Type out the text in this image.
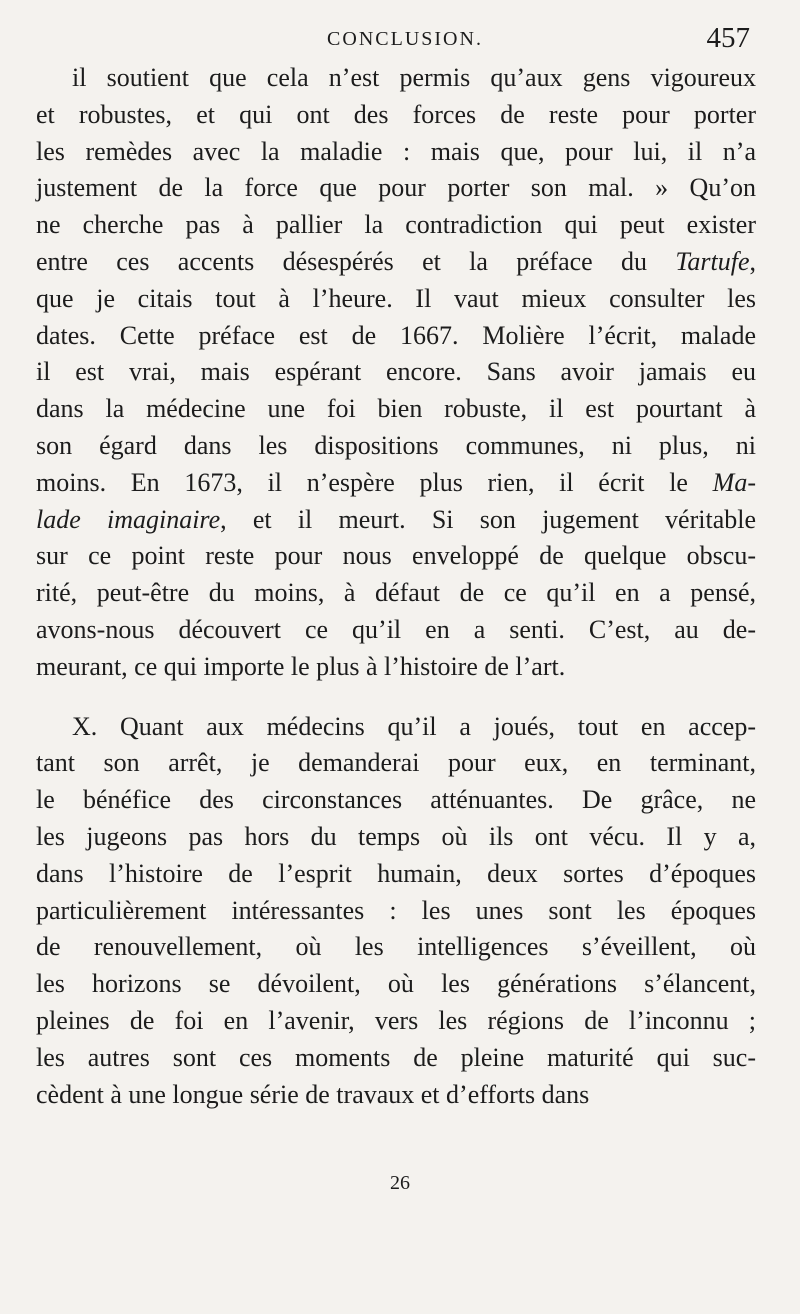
CONCLUSION.	457
il soutient que cela n’est permis qu’aux gens vigoureux
et robustes, et qui ont des forces de reste pour porter
les remèdes avec la maladie : mais que, pour lui, il n’a
justement de la force que pour porter son mal. » Qu’on
ne cherche pas à pallier la contradiction qui peut exister
entre ces accents désespérés et la préface du Tartufe,
que je citais tout à l’heure. Il vaut mieux consulter les
dates. Cette préface est de 1667. Molière l’écrit, malade
il est vrai, mais espérant encore. Sans avoir jamais eu
dans la médecine une foi bien robuste, il est pourtant à
son égard dans les dispositions communes, ni plus, ni
moins. En 1673, il n’espère plus rien, il écrit le Ma-
lade imaginaire, et il meurt. Si son jugement véritable
sur ce point reste pour nous enveloppé de quelque obscu-
rité, peut-être du moins, à défaut de ce qu’il en a pensé,
avons-nous découvert ce qu’il en a senti. C’est, au de-
meurant, ce qui importe le plus à l’histoire de l’art.
X. Quant aux médecins qu’il a joués, tout en accep-
tant son arrêt, je demanderai pour eux, en terminant,
le bénéfice des circonstances atténuantes. De grâce, ne
les jugeons pas hors du temps où ils ont vécu. Il y a,
dans l’histoire de l’esprit humain, deux sortes d’époques
particulièrement intéressantes : les unes sont les époques
de renouvellement, où les intelligences s’éveillent, où
les horizons se dévoilent, où les générations s’élancent,
pleines de foi en l’avenir, vers les régions de l’inconnu ;
les autres sont ces moments de pleine maturité qui suc-
cèdent à une longue série de travaux et d’efforts dans
26
